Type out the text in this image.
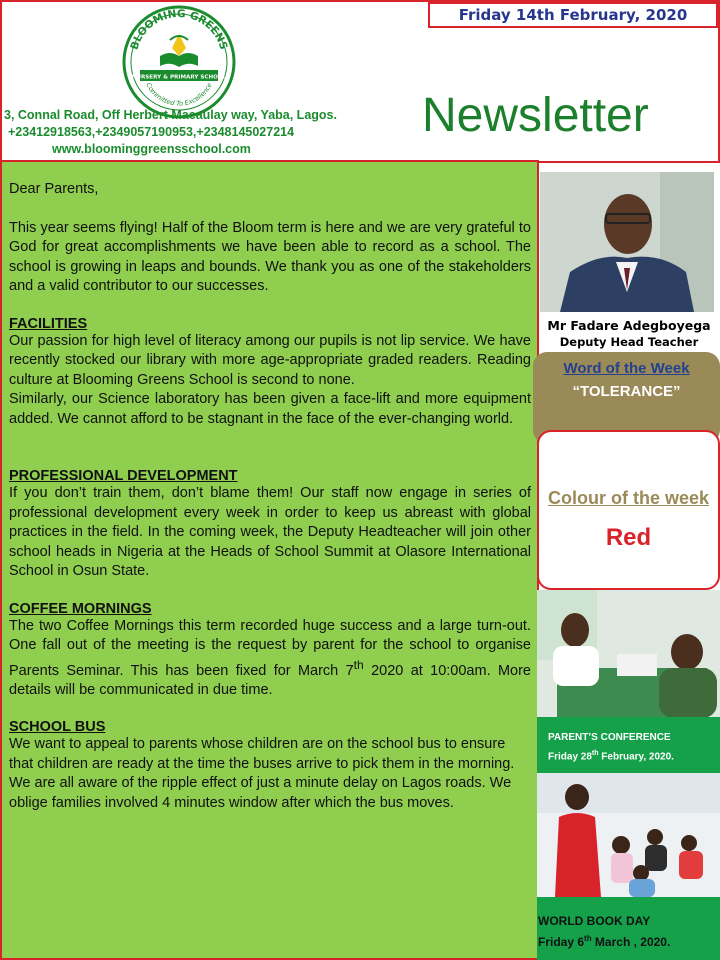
Friday 14th February, 2020
BLOOMING GREENS
NURSERY & PRIMARY SCHOOL
Committed To Excellence
3, Connal Road, Off Herbert Macaulay way, Yaba, Lagos.
+23412918563,+2349057190953,+2348145027214
www.bloominggreensschool.com
Newsletter

Dear Parents,

This year seems flying! Half of the Bloom term is here and we are very grateful to God for great accomplishments we have been able to record as a school. The school is growing in leaps and bounds. We thank you as one of the stakeholders and a valid contributor to our successes.

FACILITIES

Our passion for high level of literacy among our pupils is not lip service. We have recently stocked our library with more age-appropriate graded readers. Reading culture at Blooming Greens School is second to none.

Similarly, our Science laboratory has been given a face-lift and more equipment added. We cannot afford to be stagnant in the face of the ever-changing world.

PROFESSIONAL DEVELOPMENT

If you don’t train them, don’t blame them! Our staff now engage in series of professional development every week in order to keep us abreast with global practices in the field. In the coming week, the Deputy Headteacher will join other school heads in Nigeria at the Heads of School Summit at Olasore International School in Osun State.

COFFEE MORNINGS

The two Coffee Mornings this term recorded huge success and a large turn-out. One fall out of the meeting is the request by parent for the school to organise Parents Seminar. This has been fixed for March 7th 2020 at 10:00am. More details will be communicated in due time.

SCHOOL BUS

We want to appeal to parents whose children are on the school bus to ensure that children are ready at the time the buses arrive to pick them in the morning. We are all aware of the ripple effect of just a minute delay on Lagos roads. We oblige families involved 4 minutes window after which the bus moves.

Mr Fadare Adegboyega
Deputy Head Teacher
Word of the Week
“TOLERANCE”
Colour of the week
Red
PARENT’S CONFERENCE
Friday 28th February, 2020.
WORLD BOOK DAY
Friday 6th March , 2020.
